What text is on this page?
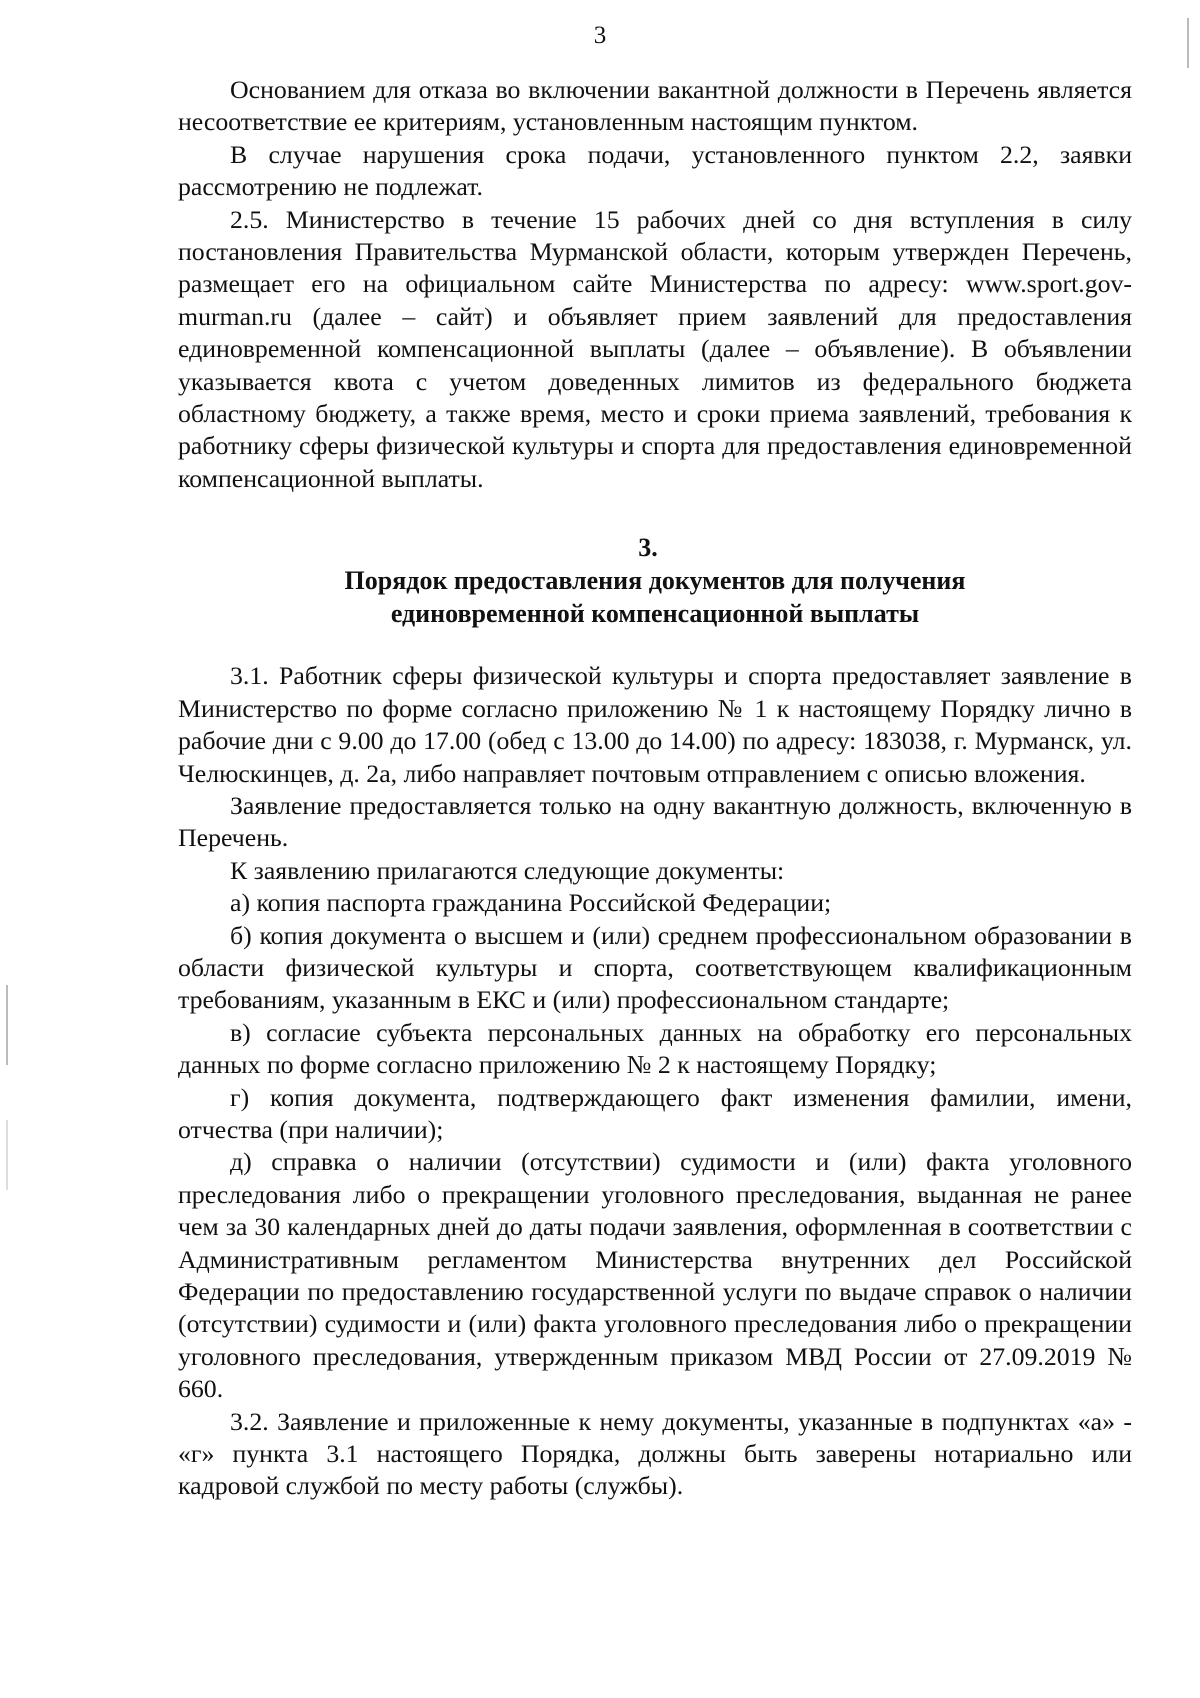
3

Основанием для отказа во включении вакантной должности в Перечень является несоответствие ее критериям, установленным настоящим пунктом.

В случае нарушения срока подачи, установленного пунктом 2.2, заявки рассмотрению не подлежат.

2.5. Министерство в течение 15 рабочих дней со дня вступления в силу постановления Правительства Мурманской области, которым утвержден Перечень, размещает его на официальном сайте Министерства по адресу: www.sport.gov-murman.ru (далее – сайт) и объявляет прием заявлений для предоставления единовременной компенсационной выплаты (далее – объявление). В объявлении указывается квота с учетом доведенных лимитов из федерального бюджета областному бюджету, а также время, место и сроки приема заявлений, требования к работнику сферы физической культуры и спорта для предоставления единовременной компенсационной выплаты.

3.
Порядок предоставления документов для получения
единовременной компенсационной выплаты

3.1. Работник сферы физической культуры и спорта предоставляет заявление в Министерство по форме согласно приложению № 1 к настоящему Порядку лично в рабочие дни с 9.00 до 17.00 (обед с 13.00 до 14.00) по адресу: 183038, г. Мурманск, ул. Челюскинцев, д. 2а, либо направляет почтовым отправлением с описью вложения.

Заявление предоставляется только на одну вакантную должность, включенную в Перечень.

К заявлению прилагаются следующие документы:

а) копия паспорта гражданина Российской Федерации;

б) копия документа о высшем и (или) среднем профессиональном образовании в области физической культуры и спорта, соответствующем квалификационным требованиям, указанным в ЕКС и (или) профессиональном стандарте;

в) согласие субъекта персональных данных на обработку его персональных данных по форме согласно приложению № 2 к настоящему Порядку;

г) копия документа, подтверждающего факт изменения фамилии, имени, отчества (при наличии);

д) справка о наличии (отсутствии) судимости и (или) факта уголовного преследования либо о прекращении уголовного преследования, выданная не ранее чем за 30 календарных дней до даты подачи заявления, оформленная в соответствии с Административным регламентом Министерства внутренних дел Российской Федерации по предоставлению государственной услуги по выдаче справок о наличии (отсутствии) судимости и (или) факта уголовного преследования либо о прекращении уголовного преследования, утвержденным приказом МВД России от 27.09.2019 № 660.

3.2. Заявление и приложенные к нему документы, указанные в подпунктах «а» - «г» пункта 3.1 настоящего Порядка, должны быть заверены нотариально или кадровой службой по месту работы (службы).
